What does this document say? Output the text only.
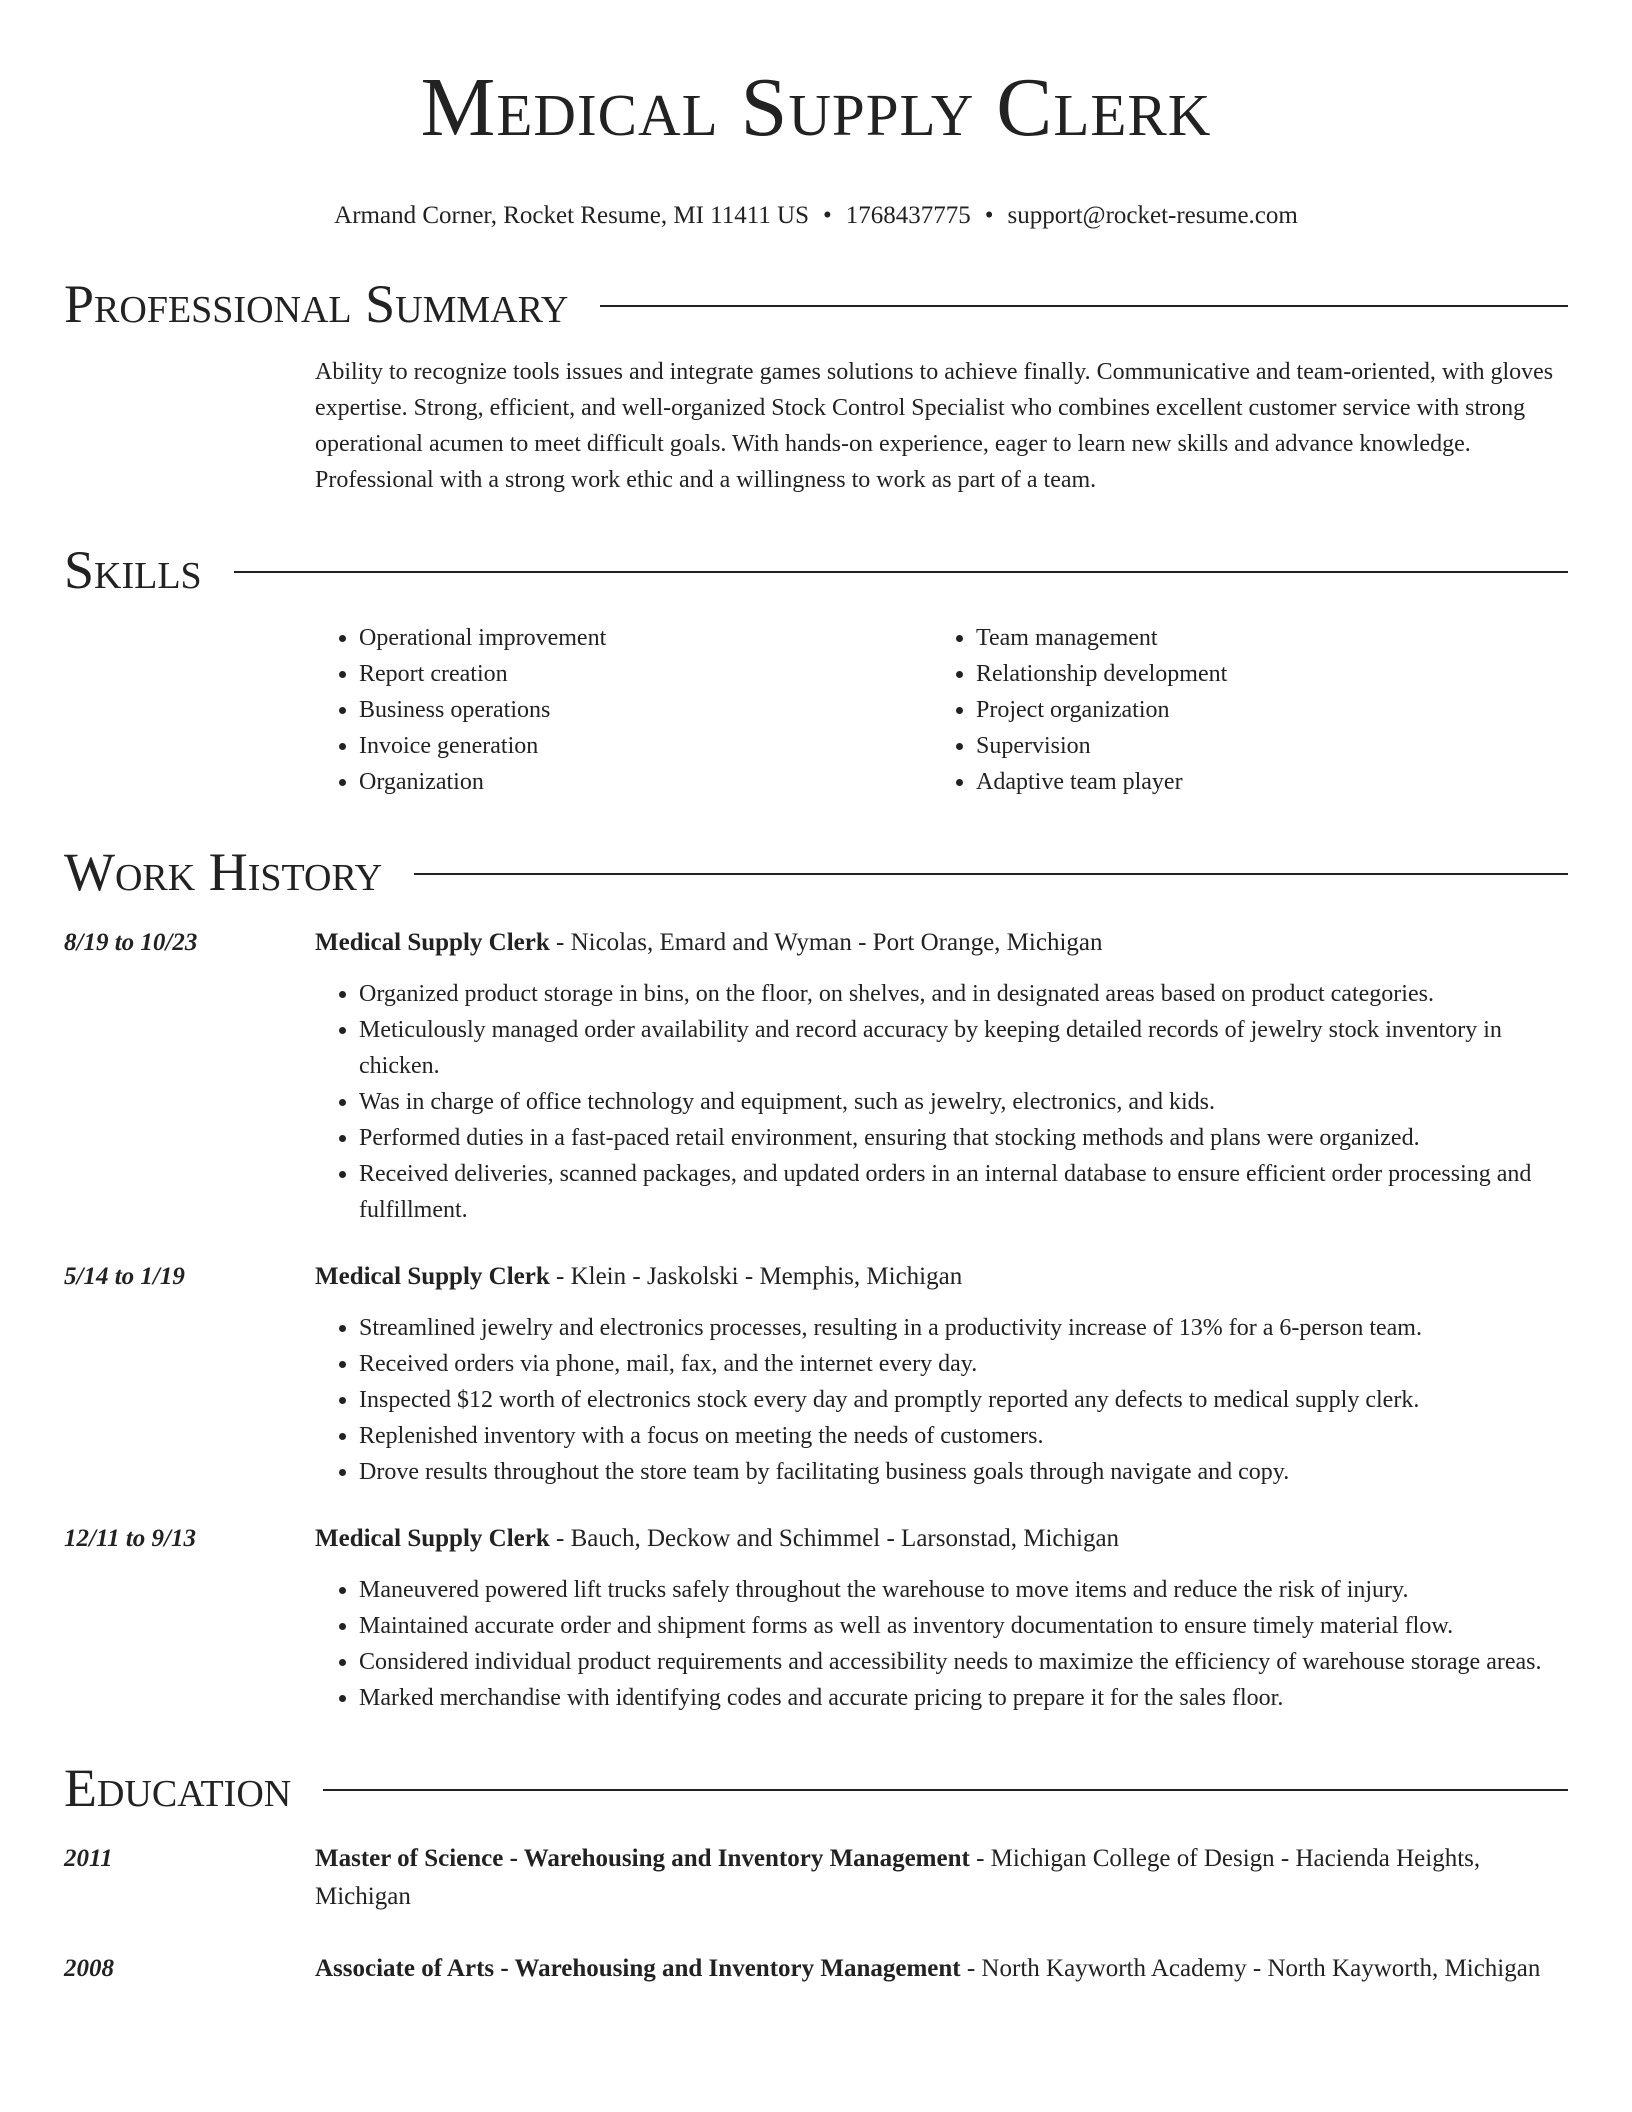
Medical Supply Clerk
Armand Corner, Rocket Resume, MI 11411 US • 1768437775 • support@rocket-resume.com
Professional Summary
Ability to recognize tools issues and integrate games solutions to achieve finally. Communicative and team-oriented, with gloves expertise. Strong, efficient, and well-organized Stock Control Specialist who combines excellent customer service with strong operational acumen to meet difficult goals. With hands-on experience, eager to learn new skills and advance knowledge. Professional with a strong work ethic and a willingness to work as part of a team.
Skills
• Operational improvement
• Report creation
• Business operations
• Invoice generation
• Organization
• Team management
• Relationship development
• Project organization
• Supervision
• Adaptive team player
Work History
8/19 to 10/23	Medical Supply Clerk - Nicolas, Emard and Wyman - Port Orange, Michigan
• Organized product storage in bins, on the floor, on shelves, and in designated areas based on product categories.
• Meticulously managed order availability and record accuracy by keeping detailed records of jewelry stock inventory in chicken.
• Was in charge of office technology and equipment, such as jewelry, electronics, and kids.
• Performed duties in a fast-paced retail environment, ensuring that stocking methods and plans were organized.
• Received deliveries, scanned packages, and updated orders in an internal database to ensure efficient order processing and fulfillment.
5/14 to 1/19	Medical Supply Clerk - Klein - Jaskolski - Memphis, Michigan
• Streamlined jewelry and electronics processes, resulting in a productivity increase of 13% for a 6-person team.
• Received orders via phone, mail, fax, and the internet every day.
• Inspected $12 worth of electronics stock every day and promptly reported any defects to medical supply clerk.
• Replenished inventory with a focus on meeting the needs of customers.
• Drove results throughout the store team by facilitating business goals through navigate and copy.
12/11 to 9/13	Medical Supply Clerk - Bauch, Deckow and Schimmel - Larsonstad, Michigan
• Maneuvered powered lift trucks safely throughout the warehouse to move items and reduce the risk of injury.
• Maintained accurate order and shipment forms as well as inventory documentation to ensure timely material flow.
• Considered individual product requirements and accessibility needs to maximize the efficiency of warehouse storage areas.
• Marked merchandise with identifying codes and accurate pricing to prepare it for the sales floor.
Education
2011	Master of Science - Warehousing and Inventory Management - Michigan College of Design - Hacienda Heights, Michigan
2008	Associate of Arts - Warehousing and Inventory Management - North Kayworth Academy - North Kayworth, Michigan
